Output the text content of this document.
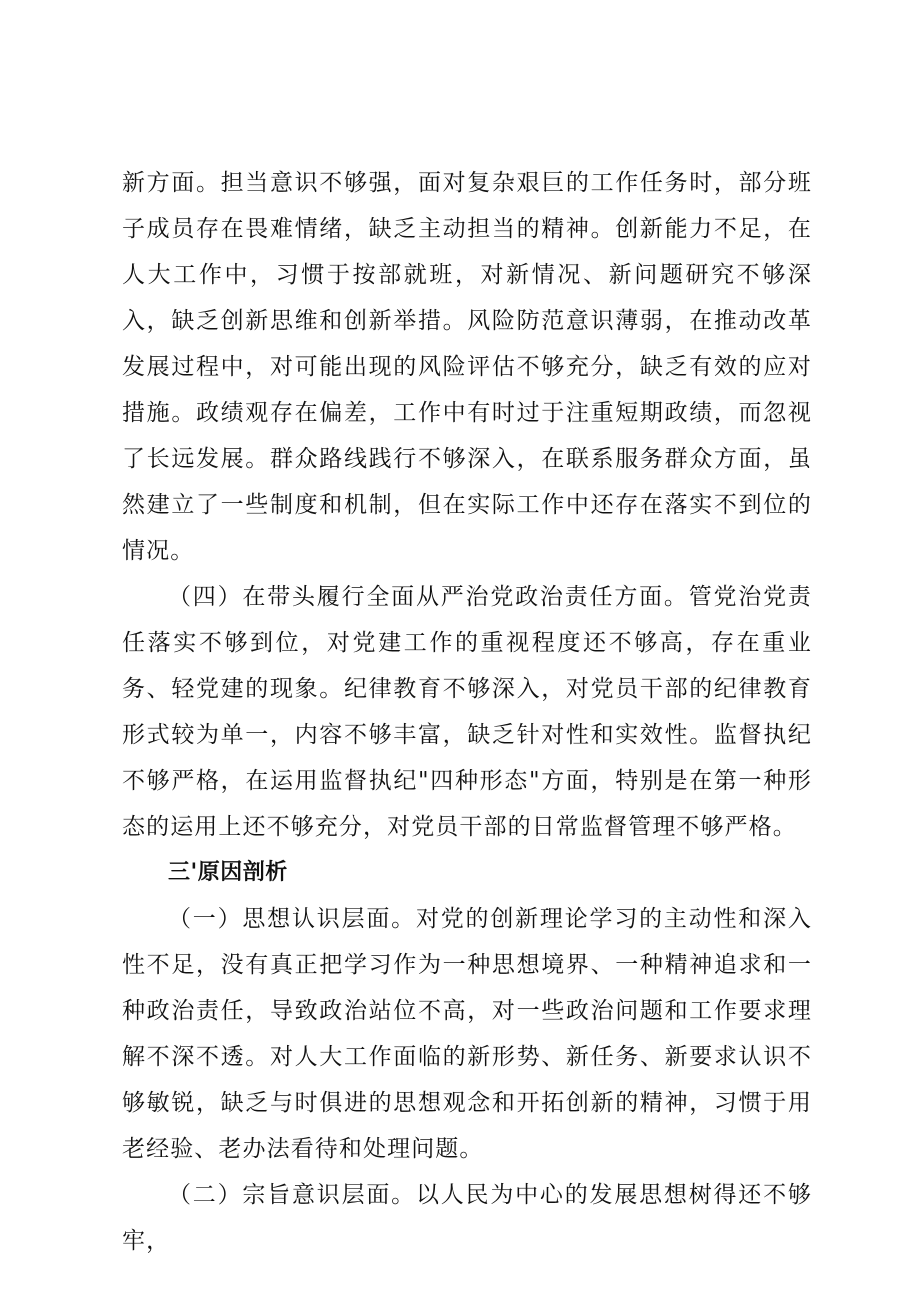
新方面。担当意识不够强，面对复杂艰巨的工作任务时，部分班子成员存在畏难情绪，缺乏主动担当的精神。创新能力不足，在人大工作中，习惯于按部就班，对新情况、新问题研究不够深入，缺乏创新思维和创新举措。风险防范意识薄弱，在推动改革发展过程中，对可能出现的风险评估不够充分，缺乏有效的应对措施。政绩观存在偏差，工作中有时过于注重短期政绩，而忽视了长远发展。群众路线践行不够深入，在联系服务群众方面，虽然建立了一些制度和机制，但在实际工作中还存在落实不到位的情况。

（四）在带头履行全面从严治党政治责任方面。管党治党责任落实不够到位，对党建工作的重视程度还不够高，存在重业务、轻党建的现象。纪律教育不够深入，对党员干部的纪律教育形式较为单一，内容不够丰富，缺乏针对性和实效性。监督执纪不够严格，在运用监督执纪"四种形态"方面，特别是在第一种形态的运用上还不够充分，对党员干部的日常监督管理不够严格。

三'原因剖析

（一）思想认识层面。对党的创新理论学习的主动性和深入性不足，没有真正把学习作为一种思想境界、一种精神追求和一种政治责任，导致政治站位不高，对一些政治问题和工作要求理解不深不透。对人大工作面临的新形势、新任务、新要求认识不够敏锐，缺乏与时俱进的思想观念和开拓创新的精神，习惯于用老经验、老办法看待和处理问题。

（二）宗旨意识层面。以人民为中心的发展思想树得还不够牢，
